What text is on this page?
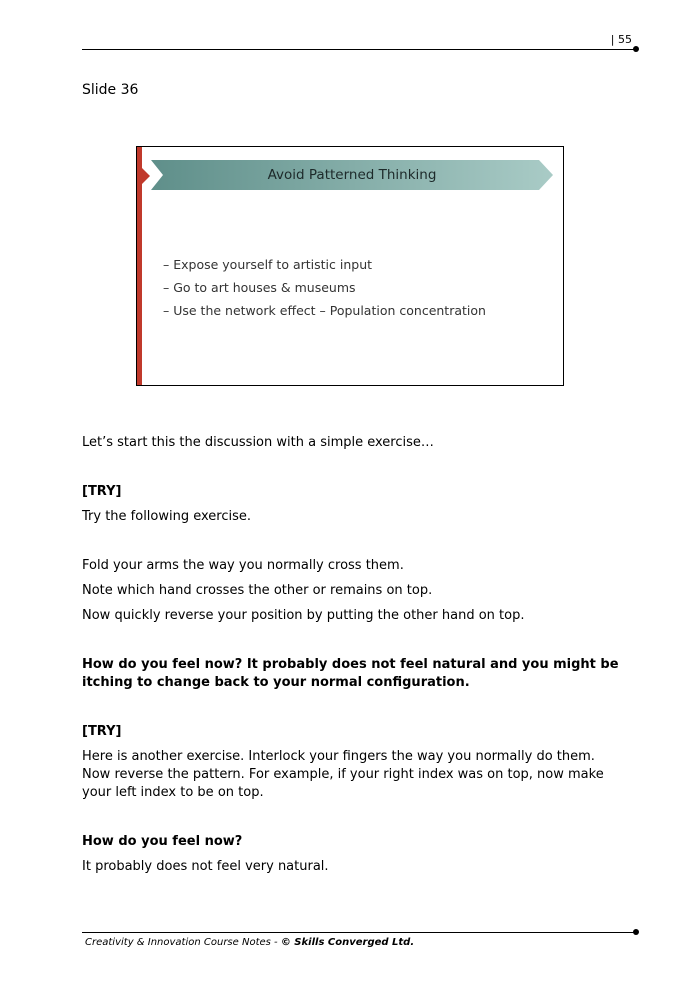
| 55
Slide 36
Avoid Patterned Thinking
– Expose yourself to artistic input
– Go to art houses & museums
– Use the network effect – Population concentration

Let’s start this the discussion with a simple exercise…

[TRY]

Try the following exercise.

Fold your arms the way you normally cross them.

Note which hand crosses the other or remains on top.

Now quickly reverse your position by putting the other hand on top.

How do you feel now? It probably does not feel natural and you might be itching to change back to your normal configuration.

[TRY]

Here is another exercise. Interlock your fingers the way you normally do them. Now reverse the pattern. For example, if your right index was on top, now make your left index to be on top.

How do you feel now?

It probably does not feel very natural.

Creativity & Innovation Course Notes - © Skills Converged Ltd.
